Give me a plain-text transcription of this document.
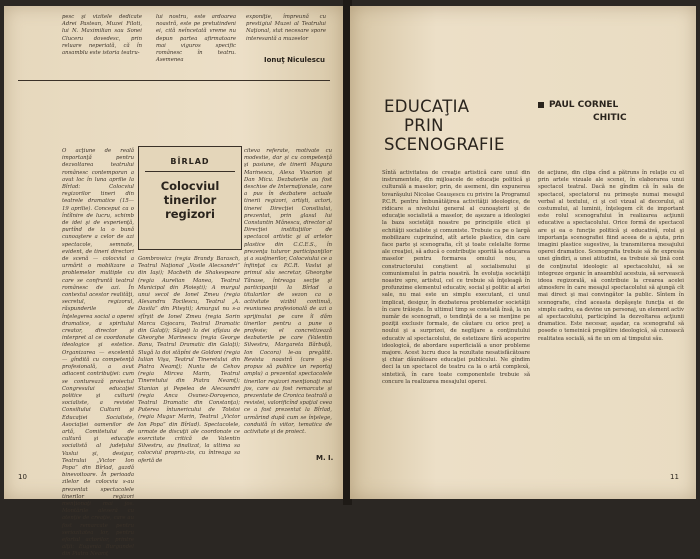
pesc şi vizitele dedicate Adrei Pastean, Muzei Filoti, lui N. Maximilian sau Sonei Cluceru dovedesc, prin reluare neperiată, că în ansamblu este istoria teatru-
lui nostru, este ardoarea noastră, este pe pretutindeni ei, cită neîncetată vreme nu depun partea afirmatoare mai viguros specific românesc în teatru. Asemenea
exponiţie, împreună cu prestigiul Muzei al Teatrului Naţional, stat necesare spore interesantă a muzeelor
Ionuţ Niculescu
BÎRLAD
Colocviul tinerilor regizori
O acţiune de reală importanţă pentru dezvoltarea teatrului românesc contemporan a avut loc în luna aprilie la Bîrlad: Colocviul regizorilor tineri din teatrele dramatice (15—19 aprilie). Conceput ca o întîlnire de lucru, schimb de idei şi de experienţă, purtînd de la o bună cunoaştere a celor de azi spectacole, semnate, evident, de tineri directori de scenă — colocviul a urmărit o mobilizare a problemelor multiple cu care se confruntă teatrul românesc de azi. În contextul acestor realităţi, secretul, regizorul, răspunderile de înţelegerea social a operei dramatice, a spiritului creator, director şi interpret al ce coordonate ideologice şi estetice. Organizarea — excelentă — gîndită cu competenţă profesională, a avut adiacent contribuţiei: cum se conturează proiectul Congresului educaţiei politice şi culturii socialiste, a revistei Consiliului Culturii şi Educaţiei Socialiste, Asociaţiei oamenilor de artă, Comitetului de cultură şi educaţie socialistă al judeţului Vaslui şi, desigur, Teatrului „Victor Ion Popa” din Bîrlad, gazdă binevoitoare. În perioada zilelor de colocviu s-au prezentat spectacolele tinerilor regizori menţionaţi mai jos. Montările aleseră cu atenţie de creaţie, care au fost remarcate pentru seriozitatea lor, pentru efortul actorilor, printre alţii: Eugenia Burgundel din Piatra Neamţ
Gombrowicz (regia Brandy Barasch, Teatrul Naţional „Vasile Alecsandri” din Iaşi); Macbeth de Shakespeare (regia Aurelian Manea, Teatrul Municipal din Ploieşti); A murgul unui secol de Ionel Zmeu (regia Alexandru Tocilescu, Teatrul „A. Davila” din Piteşti); Amurgul nu s-a sfîrşit de Ionel Zmeu (regia Sorin Marcu Cojocaru, Teatrul Dramatic din Galaţi); Săgeţi la dei sfîşiau de Gheorghe Marinescu (regia George Banu, Teatrul Dramatic din Galaţi); Slugă la doi stăpîni de Goldoni (regia Iulian Vişa, Teatrul Tineretului din Piatra Neamţ); Nunta de Cehov (regia Mircea Marin, Teatrul Tineretului din Piatra Neamţ); Stanian şi Pepelea de Alecsandri (regia Anca Ovanez-Doroşenco, Teatrul Dramatic din Constanţa); Puterea întunericului de Tolstoi (regia Mugur Marin, Teatrul „Victor Ion Popa” din Bîrlad). Spectacolele, urmate de discuţii ale coordonate ce exercitate critică de Valentin Silvestru, au finalizat, la ultima sa colocviul propriu-zis, cu întreaga sa ofertă de
citeva referate, motivate cu modestie, dar şi cu competenţă şi pasiune, de tinerii Mugura Marinescu, Alexa Visarion şi Dan Micu. Dezbaterile au fost deschise de Internaţionale, care a pus în dezbatere actuale tinerii regizori, artişti, actori, tinerei Direcţiei Consiliului, prezentat, prin glasul lui Constantin Mănescu, director al Direcţiei instituţiilor de spectacol artistic şi al artelor plastice din C.C.E.S., în prezenţa tuturor participanţilor şi a susţinerilor, Colocviului ce a înfiinţat cu P.C.R. Vaslui şi primul său secretar, Gheorghe Tănase, întreaga secţie şi participanţii la Bîrlad a titularilor de sezon ca o activitate vizibil continuă, reuniunea profesională de azi a sprijinului pe care îl dăm tinerilor pentru a pune o profesie; el concretizează dezbaterile pe care (Valentin Silvestru, Margareta Bărbuţă, Ion Cocora) le-au pregătit. Revista noastră (care şi-a propus să publice un reportaj amplu) a prezentat spectacolele tinerilor regizori menţionaţi mai jos, care au fost remarcate și prezentate de Cronica teatrală a revistei, valorificînd spaţial ceea ce a fost prezentat la Bîrlad, urmărind după cum se înţelege, conduită în viitor, tematica de activitate și de proiect.
M. I.
10
EDUCAŢIA
PRIN
SCENOGRAFIE
PAUL CORNEL
CHITIC
Sîntă activitatea de creaţie artistică care unul din instrumentele, din mijloacele de educaţie politică şi culturală a maselor; prin, de asemeni, din expunerea tovarăşului Nicolae Ceauşescu cu privire la Programul P.C.R. pentru îmbunătăţirea activităţii ideologice, de ridicare a nivelului general al cunoaşterii şi de educaţie socialistă a maselor, de aşezare a ideologiei la baza societăţii noastre pe principiile eticii şi echităţii socialiste şi comuniste. Trebuie ca pe o largă mobilizare cuprinzînd, atît artele plastice, din care face parte şi scenografia, cît şi toate celelalte forme ale creaţiei, să aducă o contribuţie sporită la educarea maselor pentru formarea omului nou, a constructorului conştient al socialismului şi comunismului în patria noastră. În evoluţia societăţii noastre spre, artistul, cel ce trebuie să înţeleagă în profunzime elementul educativ, social şi politic al artei sale, nu mai este un simplu executant, ci unul implicat, desigur, în dezbaterea problemelor societăţii în care trăieşte. În ultimul timp se constată însă, la un număr de scenografi, o tendinţă de a se menţine pe poziţii exclusiv formale, de căutare cu orice preţ a noului şi a surprizei, de neglijare a conţinutului educativ al spectacolului, de estetizare fără acoperire ideologică, de abordare superficială a unor probleme majore. Acest lucru duce la rezultate nesatisfăcătoare şi chiar dăunătoare educaţiei publicului. Ne gîndim deci la un spectacol de teatru ca la o artă complexă, sintetică, în care toate componentele trebuie să concure la realizarea mesajului operei.
de acţiune, din clipa cînd a pătruns în relaţie cu el prin artele vizuale ale scenei, în elaborarea unui spectacol teatral. Dacă ne gîndim că în sala de spectacol, spectatorul nu primeşte numai mesajul verbal al textului, ci şi cel vizual al decorului, al costumului, al luminii, înţelegem cît de important este rolul scenografului în realizarea acţiunii educative a spectacolului. Orice formă de spectacol are şi ea o funcţie politică şi educativă, rolul şi importanţa scenografiei fiind aceea de a ajuta, prin imagini plastice sugestive, la transmiterea mesajului operei dramatice. Scenografia trebuie să fie expresia unei gîndiri, a unei atitudini, ea trebuie să ţină cont de conţinutul ideologic al spectacolului, să se integreze organic în ansamblul acestuia, să servească ideea regizorală, să contribuie la crearea acelei atmosfere în care mesajul spectacolului să ajungă cît mai direct şi mai convingător la public. Sîntem în scenografie, cînd aceasta depăşeşte funcţia ei de simplu cadru, ea devine un personaj, un element activ al spectacolului, participînd la dezvoltarea acţiunii dramatice. Este necesar, aşadar, ca scenograful să posede o temeinică pregătire ideologică, să cunoască realitatea socială, să fie un om al timpului său.
11
